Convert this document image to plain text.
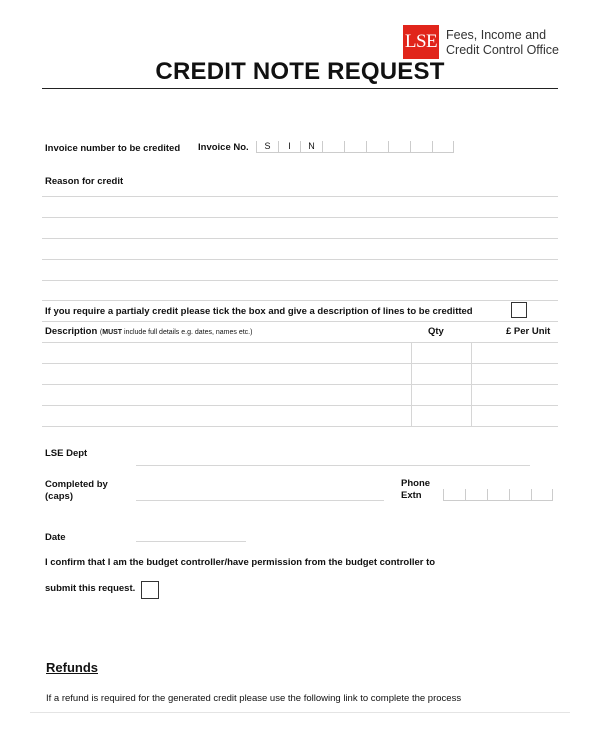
LSE Fees, Income and
Credit Control Office
CREDIT NOTE REQUEST
Invoice number to be credited Invoice No.	S	I	N
Reason for credit
If you require a partialy credit please tick the box and give a description of lines to be creditted
Description (MUST include full details e.g. dates, names etc.)	Qty	£ Per Unit
LSE Dept
Completed by
(caps)
Phone
Extn
Date
I confirm that I am the budget controller/have permission from the budget controller to
submit this request.
Refunds
If a refund is required for the generated credit please use the following link to complete the process
